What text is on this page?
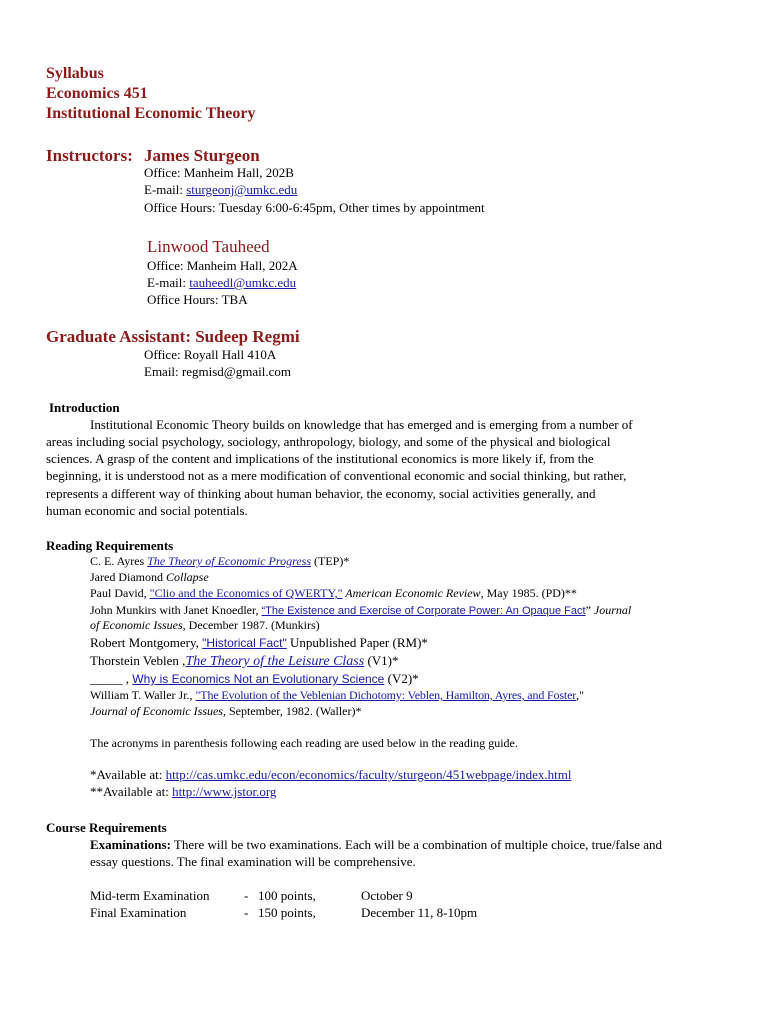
Syllabus
Economics 451
Institutional Economic Theory
Instructors: James Sturgeon
Office: Manheim Hall, 202B
E-mail: sturgeonj@umkc.edu
Office Hours: Tuesday 6:00-6:45pm, Other times by appointment
Linwood Tauheed
Office: Manheim Hall, 202A
E-mail: tauheedl@umkc.edu
Office Hours: TBA
Graduate Assistant: Sudeep Regmi
Office: Royall Hall 410A
Email: regmisd@gmail.com
Introduction
Institutional Economic Theory builds on knowledge that has emerged and is emerging from a number of
areas including social psychology, sociology, anthropology, biology, and some of the physical and biological
sciences. A grasp of the content and implications of the institutional economics is more likely if, from the
beginning, it is understood not as a mere modification of conventional economic and social thinking, but rather,
represents a different way of thinking about human behavior, the economy, social activities generally, and
human economic and social potentials.
Reading Requirements
C. E. Ayres The Theory of Economic Progress (TEP)*
Jared Diamond Collapse
Paul David, "Clio and the Economics of QWERTY," American Economic Review, May 1985. (PD)**
John Munkirs with Janet Knoedler, “The Existence and Exercise of Corporate Power: An Opaque Fact” Journal
of Economic Issues, December 1987. (Munkirs)
Robert Montgomery, "Historical Fact" Unpublished Paper (RM)*
Thorstein Veblen ,The Theory of the Leisure Class (V1)*
_____ , Why is Economics Not an Evolutionary Science (V2)*
William T. Waller Jr., "The Evolution of the Veblenian Dichotomy: Veblen, Hamilton, Ayres, and Foster,"
Journal of Economic Issues, September, 1982. (Waller)*
The acronyms in parenthesis following each reading are used below in the reading guide.
*Available at: http://cas.umkc.edu/econ/economics/faculty/sturgeon/451webpage/index.html
**Available at: http://www.jstor.org
Course Requirements
Examinations: There will be two examinations. Each will be a combination of multiple choice, true/false and
essay questions. The final examination will be comprehensive.
Mid-term Examination	- 100 points,	October 9
Final Examination	- 150 points,	December 11, 8-10pm
